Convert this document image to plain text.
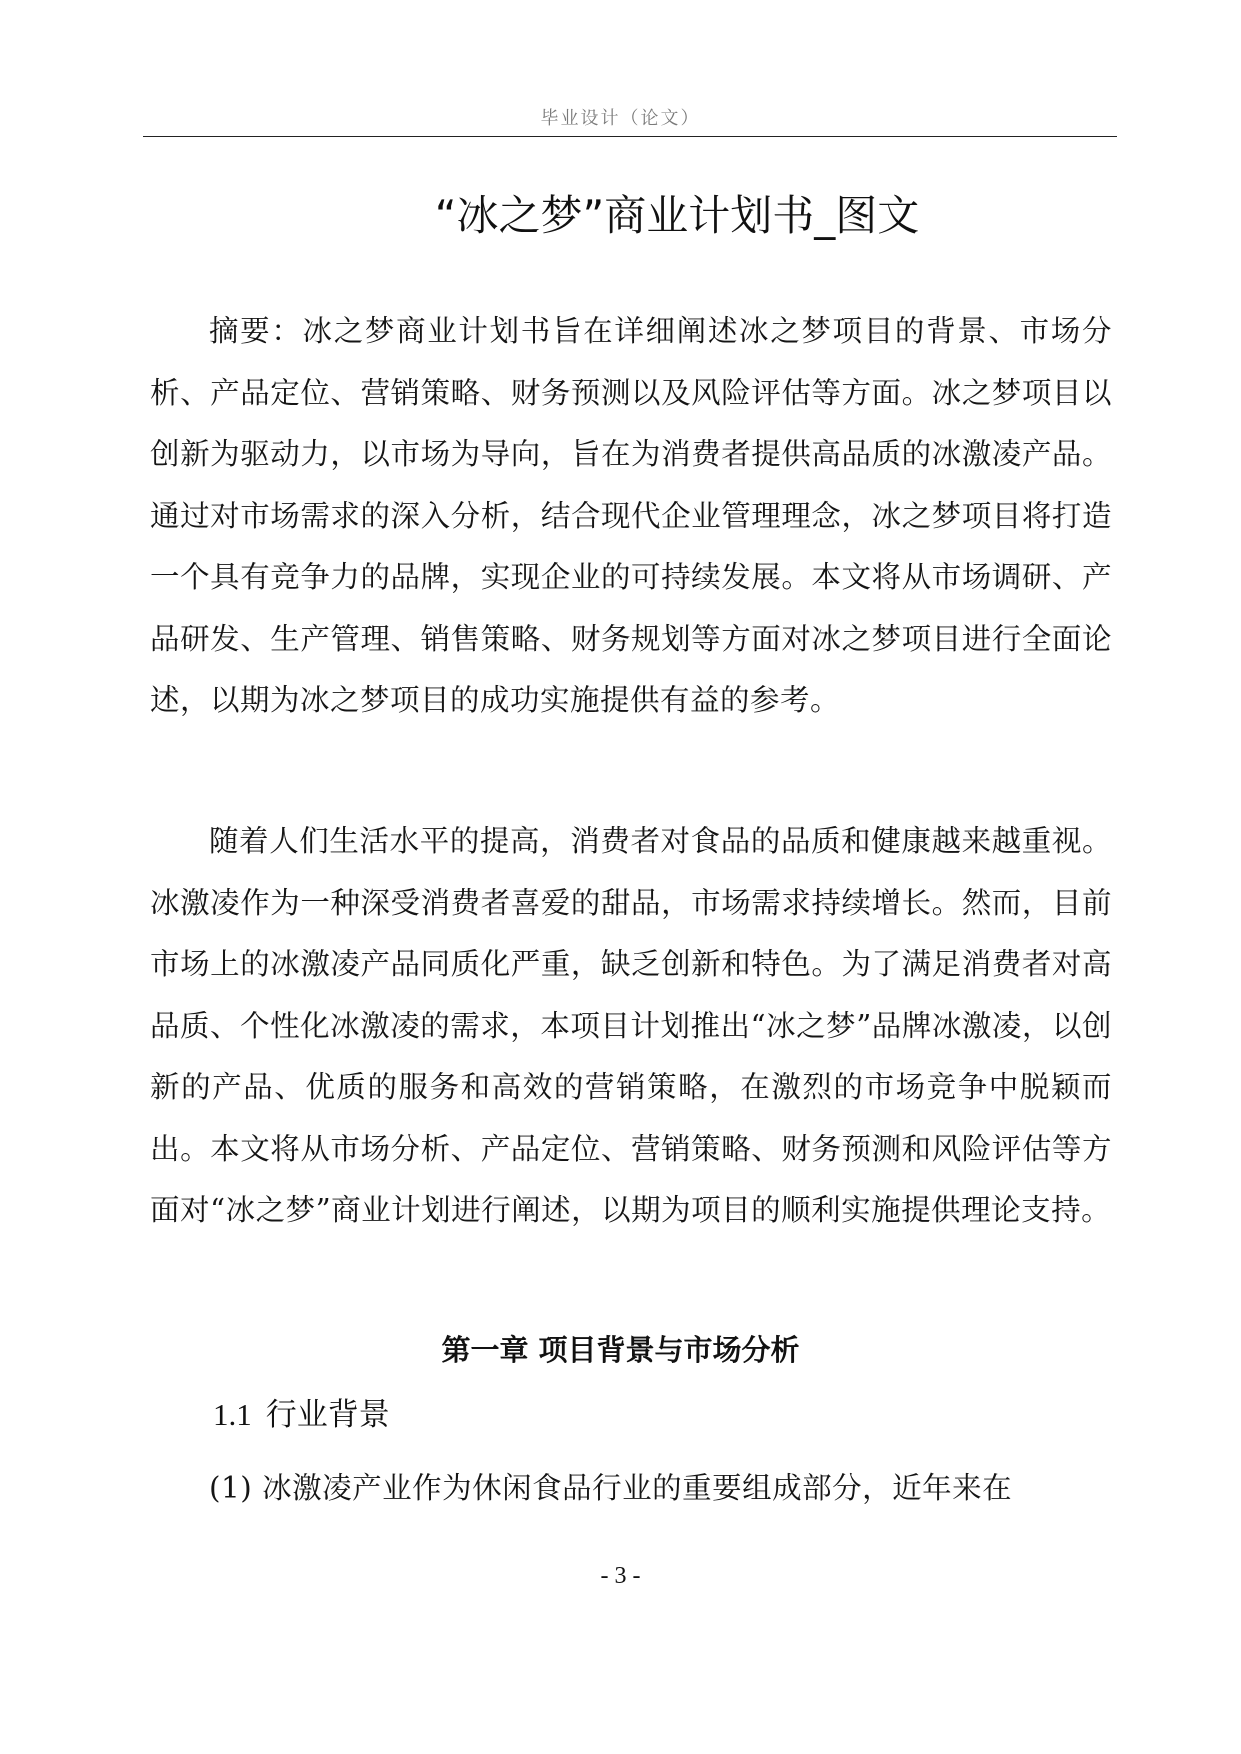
毕业设计（论文）
“冰之梦”商业计划书_图文

摘要：冰之梦商业计划书旨在详细阐述冰之梦项目的背景、市场分析、产品定位、营销策略、财务预测以及风险评估等方面。冰之梦项目以创新为驱动力，以市场为导向，旨在为消费者提供高品质的冰激凌产品。通过对市场需求的深入分析，结合现代企业管理理念，冰之梦项目将打造一个具有竞争力的品牌，实现企业的可持续发展。本文将从市场调研、产品研发、生产管理、销售策略、财务规划等方面对冰之梦项目进行全面论述，以期为冰之梦项目的成功实施提供有益的参考。

随着人们生活水平的提高，消费者对食品的品质和健康越来越重视。冰激凌作为一种深受消费者喜爱的甜品，市场需求持续增长。然而，目前市场上的冰激凌产品同质化严重，缺乏创新和特色。为了满足消费者对高品质、个性化冰激凌的需求，本项目计划推出“冰之梦”品牌冰激凌，以创新的产品、优质的服务和高效的营销策略，在激烈的市场竞争中脱颖而出。本文将从市场分析、产品定位、营销策略、财务预测和风险评估等方面对“冰之梦”商业计划进行阐述，以期为项目的顺利实施提供理论支持。

第一章 项目背景与市场分析
1.1 行业背景

(1) 冰激凌产业作为休闲食品行业的重要组成部分，近年来在

- 3 -
